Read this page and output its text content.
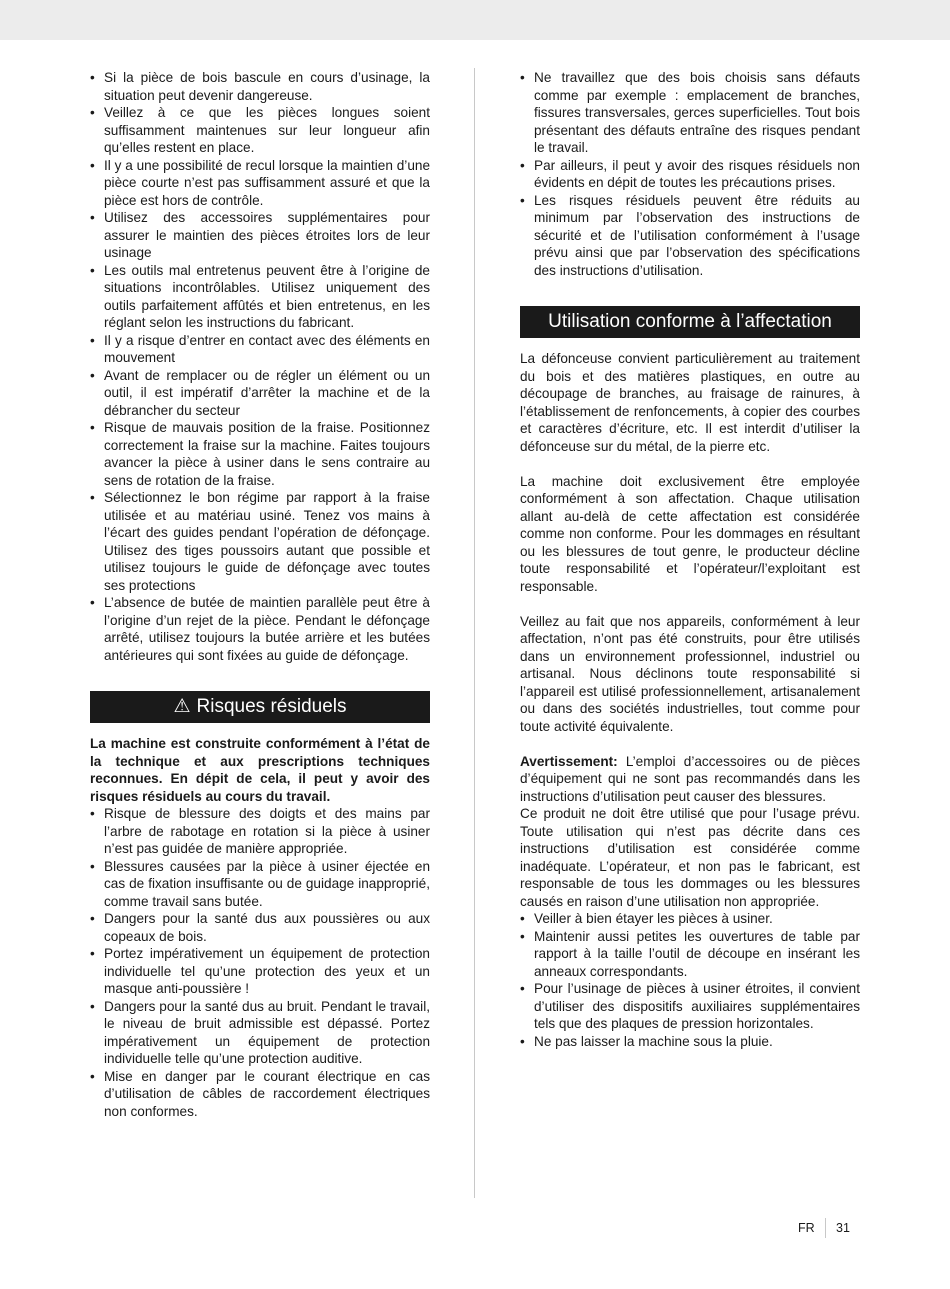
• Si la pièce de bois bascule en cours d’usinage, la situation peut devenir dangereuse.
• Veillez à ce que les pièces longues soient suffisamment maintenues sur leur longueur afin qu’elles restent en place.
• Il y a une possibilité de recul lorsque la maintien d’une pièce courte n’est pas suffisamment assuré et que la pièce est hors de contrôle.
• Utilisez des accessoires supplémentaires pour assurer le maintien des pièces étroites lors de leur usinage
• Les outils mal entretenus peuvent être à l’origine de situations incontrôlables. Utilisez uniquement des outils parfaitement affûtés et bien entretenus, en les réglant selon les instructions du fabricant.
• Il y a risque d’entrer en contact avec des éléments en mouvement
• Avant de remplacer ou de régler un élément ou un outil, il est impératif d’arrêter la machine et de la débrancher du secteur
• Risque de mauvais position de la fraise. Positionnez correctement la fraise sur la machine. Faites toujours avancer la pièce à usiner dans le sens contraire au sens de rotation de la fraise.
• Sélectionnez le bon régime par rapport à la fraise utilisée et au matériau usiné. Tenez vos mains à l’écart des guides pendant l’opération de défonçage. Utilisez des tiges poussoirs autant que possible et utilisez toujours le guide de défonçage avec toutes ses protections
• L’absence de butée de maintien parallèle peut être à l’origine d’un rejet de la pièce. Pendant le défonçage arrêté, utilisez toujours la butée arrière et les butées antérieures qui sont fixées au guide de défonçage.
⚠ Risques résiduels

La machine est construite conformément à l’état de la technique et aux prescriptions techniques reconnues. En dépit de cela, il peut y avoir des risques résiduels au cours du travail.

• Risque de blessure des doigts et des mains par l’arbre de rabotage en rotation si la pièce à usiner n’est pas guidée de manière appropriée.
• Blessures causées par la pièce à usiner éjectée en cas de fixation insuffisante ou de guidage inapproprié, comme travail sans butée.
• Dangers pour la santé dus aux poussières ou aux copeaux de bois.
• Portez impérativement un équipement de protection individuelle tel qu’une protection des yeux et un masque anti-poussière !
• Dangers pour la santé dus au bruit. Pendant le travail, le niveau de bruit admissible est dépassé. Portez impérativement un équipement de protection individuelle telle qu’une protection auditive.
• Mise en danger par le courant électrique en cas d’utilisation de câbles de raccordement électriques non conformes.
• Ne travaillez que des bois choisis sans défauts comme par exemple : emplacement de branches, fissures transversales, gerces superficielles. Tout bois présentant des défauts entraîne des risques pendant le travail.
• Par ailleurs, il peut y avoir des risques résiduels non évidents en dépit de toutes les précautions prises.
• Les risques résiduels peuvent être réduits au minimum par l’observation des instructions de sécurité et de l’utilisation conformément à l’usage prévu ainsi que par l’observation des spécifications des instructions d’utilisation.
Utilisation conforme à l’affectation

La défonceuse convient particulièrement au traitement du bois et des matières plastiques, en outre au découpage de branches, au fraisage de rainures, à l’établissement de renfoncements, à copier des courbes et caractères d’écriture, etc. Il est interdit d’utiliser la défonceuse sur du métal, de la pierre etc.

La machine doit exclusivement être employée conformément à son affectation. Chaque utilisation allant au-delà de cette affectation est considérée comme non conforme. Pour les dommages en résultant ou les blessures de tout genre, le producteur décline toute responsabilité et l’opérateur/l’exploitant est responsable.

Veillez au fait que nos appareils, conformément à leur affectation, n’ont pas été construits, pour être utilisés dans un environnement professionnel, industriel ou artisanal. Nous déclinons toute responsabilité si l’appareil est utilisé professionnellement, artisanalement ou dans des sociétés industrielles, tout comme pour toute activité équivalente.

Avertissement: L’emploi d’accessoires ou de pièces d’équipement qui ne sont pas recommandés dans les instructions d’utilisation peut causer des blessures.

Ce produit ne doit être utilisé que pour l’usage prévu. Toute utilisation qui n’est pas décrite dans ces instructions d’utilisation est considérée comme inadéquate. L’opérateur, et non pas le fabricant, est responsable de tous les dommages ou les blessures causés en raison d’une utilisation non appropriée.

• Veiller à bien étayer les pièces à usiner.
• Maintenir aussi petites les ouvertures de table par rapport à la taille l’outil de découpe en insérant les anneaux correspondants.
• Pour l’usinage de pièces à usiner étroites, il convient d’utiliser des dispositifs auxiliaires supplémentaires tels que des plaques de pression horizontales.
• Ne pas laisser la machine sous la pluie.
FR 31
